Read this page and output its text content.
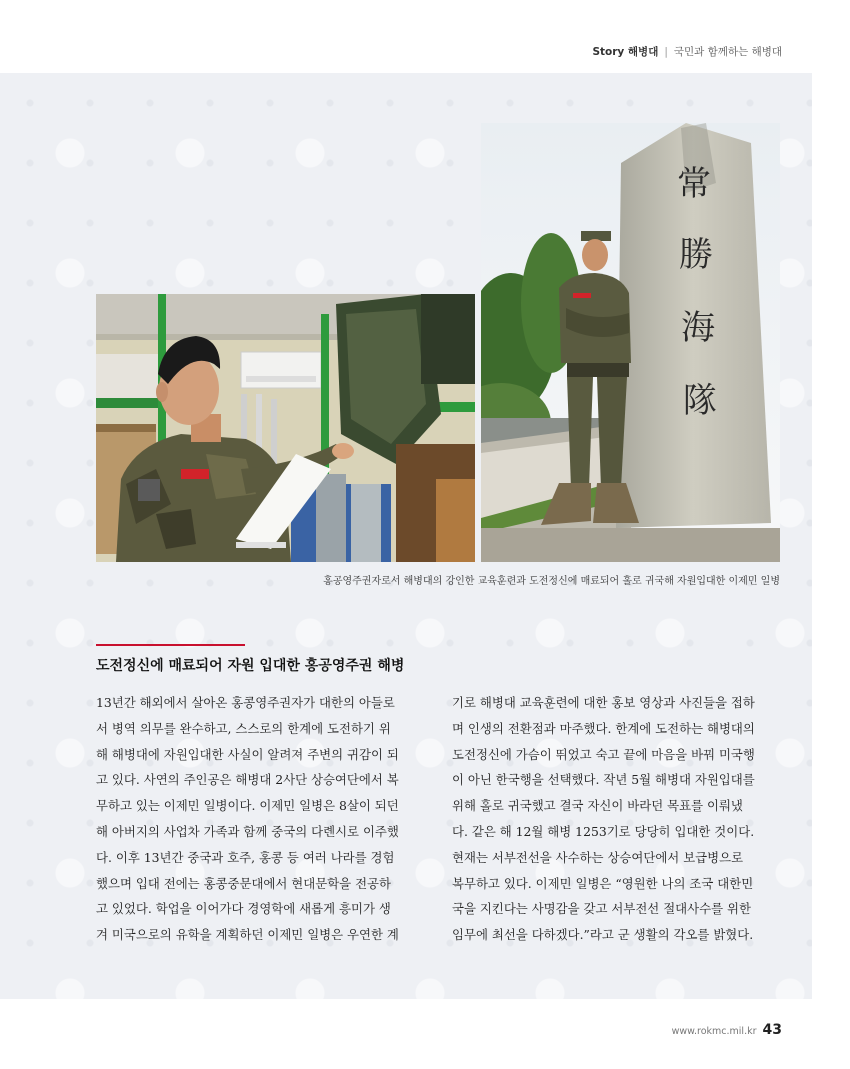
Story 해병대 | 국민과 함께하는 해병대
常
勝
海
隊
홍공영주권자로서 해병대의 강인한 교육훈련과 도전정신에 매료되어 홀로 귀국해 자원입대한 이제민 일병
도전정신에 매료되어 자원 입대한 홍공영주권 해병
13년간 해외에서 살아온 홍콩영주권자가 대한의 아들로
서 병역 의무를 완수하고, 스스로의 한계에 도전하기 위
해 해병대에 자원입대한 사실이 알려져 주변의 귀감이 되
고 있다. 사연의 주인공은 해병대 2사단 상승여단에서 복
무하고 있는 이제민 일병이다. 이제민 일병은 8살이 되던
해 아버지의 사업차 가족과 함께 중국의 다롄시로 이주했
다. 이후 13년간 중국과 호주, 홍콩 등 여러 나라를 경험
했으며 입대 전에는 홍콩중문대에서 현대문학을 전공하
고 있었다. 학업을 이어가다 경영학에 새롭게 흥미가 생
겨 미국으로의 유학을 계획하던 이제민 일병은 우연한 계
기로 해병대 교육훈련에 대한 홍보 영상과 사진들을 접하
며 인생의 전환점과 마주했다. 한계에 도전하는 해병대의
도전정신에 가슴이 뛰었고 숙고 끝에 마음을 바꿔 미국행
이 아닌 한국행을 선택했다. 작년 5월 해병대 자원입대를
위해 홀로 귀국했고 결국 자신이 바라던 목표를 이뤄냈
다. 같은 해 12월 해병 1253기로 당당히 입대한 것이다.
현재는 서부전선을 사수하는 상승여단에서 보급병으로
복무하고 있다. 이제민 일병은 “영원한 나의 조국 대한민
국을 지킨다는 사명감을 갖고 서부전선 절대사수를 위한
임무에 최선을 다하겠다.”라고 군 생활의 각오를 밝혔다.
www.rokmc.mil.kr 43
